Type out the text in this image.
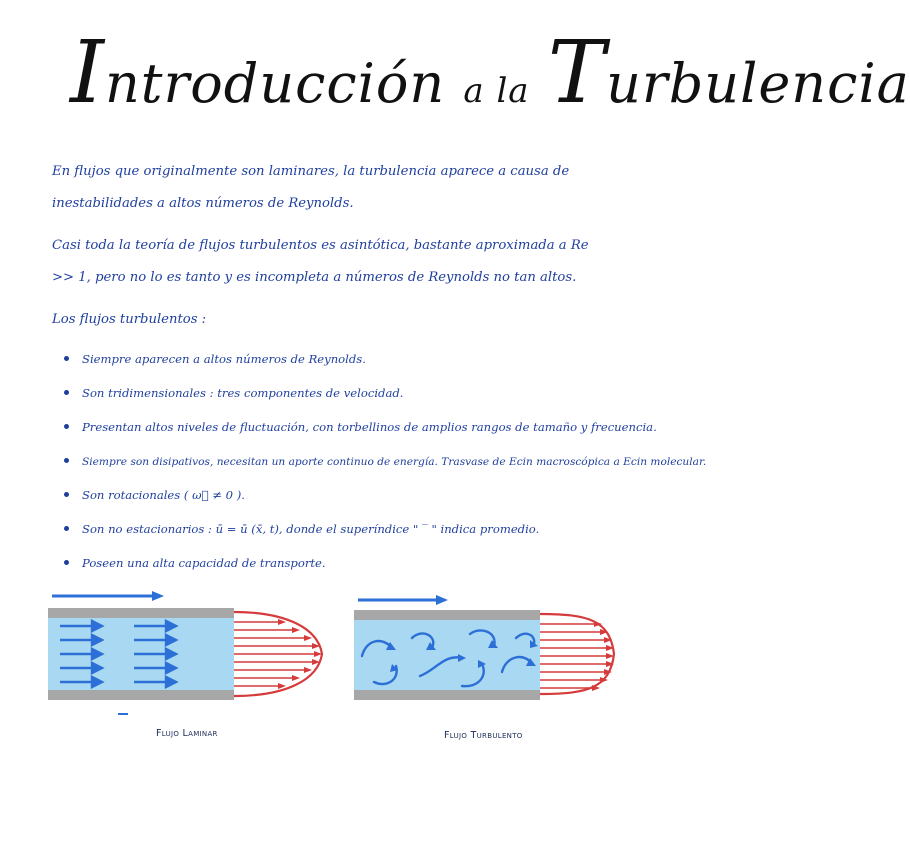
Introducción a la Turbulencia
En flujos que originalmente son laminares, la turbulencia aparece a causa de inestabilidades a altos números de Reynolds.
Casi toda la teoría de flujos turbulentos es asintótica, bastante aproximada a Re >> 1, pero no lo es tanto y es incompleta a números de Reynolds no tan altos.
Los flujos turbulentos :
Siempre aparecen a altos números de Reynolds.
Son tridimensionales : tres componentes de velocidad.
Presentan altos niveles de fluctuación, con torbellinos de amplios rangos de tamaño y frecuencia.
Siempre son disipativos, necesitan un aporte continuo de energía. Trasvase de Ecin macroscópica a Ecin molecular.
Son rotacionales ( ω⃗ ≠ 0 ).
Son no estacionarios : ū = ū (x̄, t), donde el superíndice " ‾ " indica promedio.
Poseen una alta capacidad de transporte.
Flujo Laminar	Flujo Turbulento
